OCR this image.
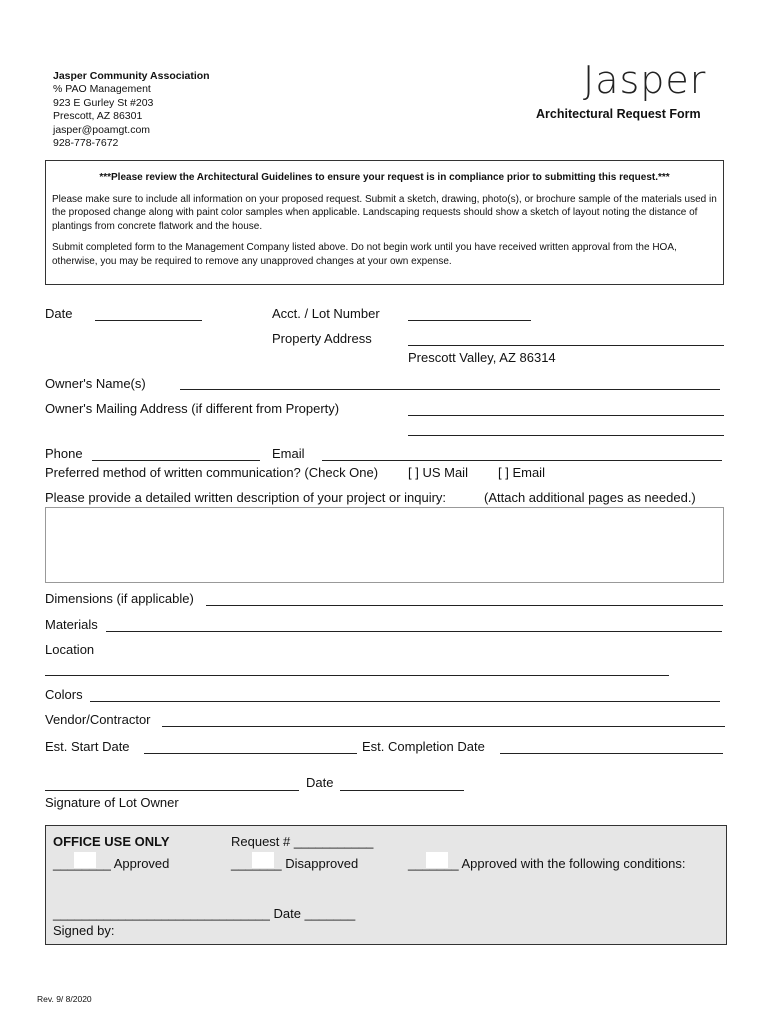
Jasper Community Association
% PAO Management
923 E Gurley St #203
Prescott, AZ 86301
jasper@poamgt.com
928-778-7672
Jasper
Architectural Request Form
***Please review the Architectural Guidelines to ensure your request is in compliance prior to submitting this request.***

Please make sure to include all information on your proposed request. Submit a sketch, drawing, photo(s), or brochure sample of the materials used in the proposed change along with paint color samples when applicable. Landscaping requests should show a sketch of layout noting the distance of plantings from concrete flatwork and the house.

Submit completed form to the Management Company listed above. Do not begin work until you have received written approval from the HOA, otherwise, you may be required to remove any unapproved changes at your own expense.

Date	Acct. / Lot Number
Property Address
Prescott Valley, AZ 86314
Owner's Name(s)
Owner's Mailing Address (if different from Property)
Phone	Email
Preferred method of written communication? (Check One) [ ] US Mail [ ] Email
Please provide a detailed written description of your project or inquiry:	(Attach additional pages as needed.)
Dimensions (if applicable)
Materials
Location
Colors
Vendor/Contractor
Est. Start Date	Est. Completion Date
Date
Signature of Lot Owner
OFFICE USE ONLY	Request # ___________
________ Approved	_______ Disapproved	_______ Approved with the following conditions:
______________________________ Date _______
Signed by:
Rev. 9/ 8/2020
